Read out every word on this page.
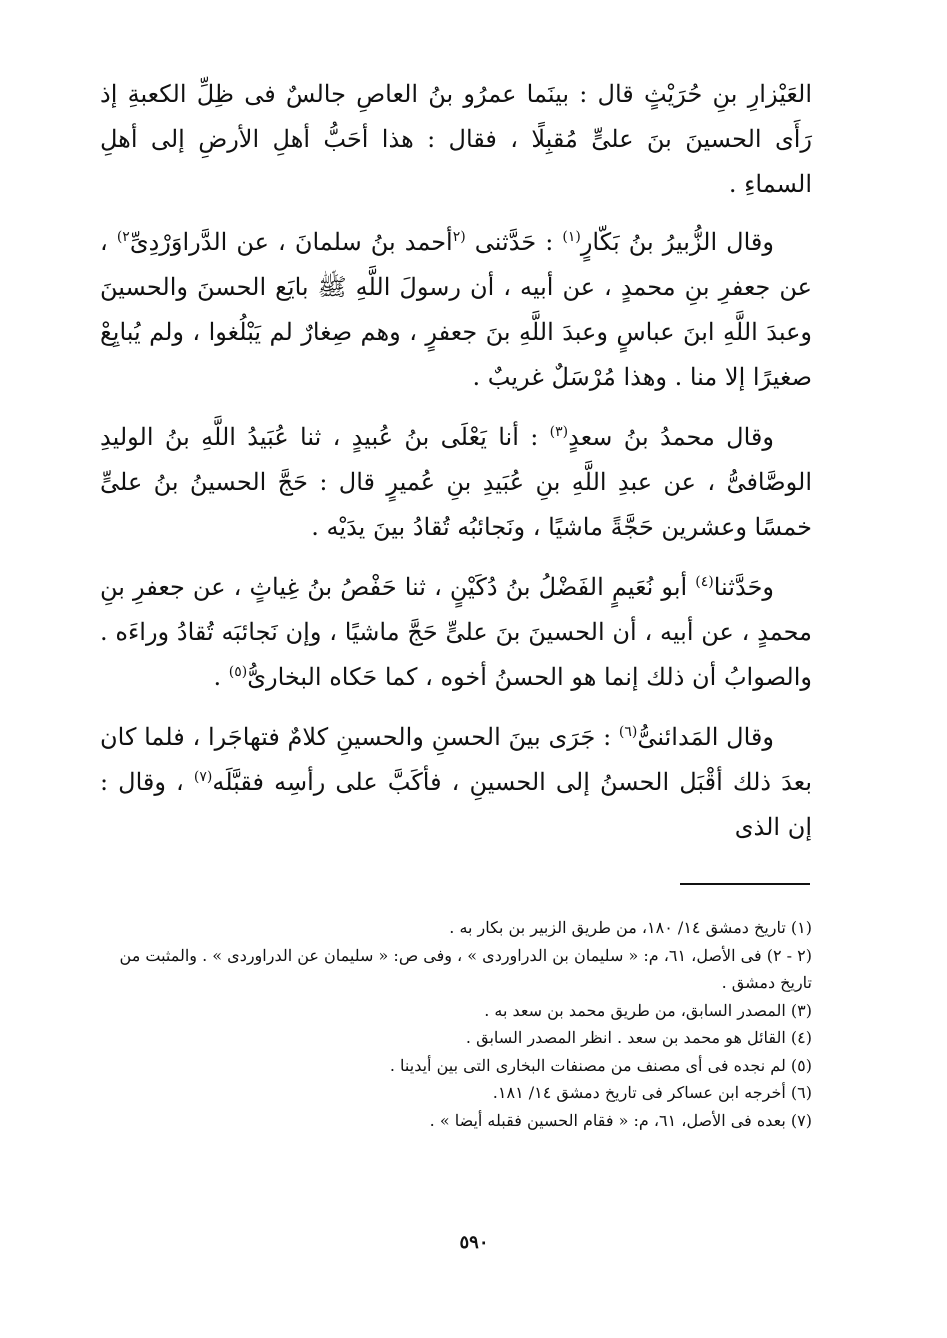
العَيْزارِ بنِ حُرَيْثٍ قال : بينَما عمرُو بنُ العاصِ جالسٌ فى ظِلِّ الكعبةِ إذ رَأَى الحسينَ بنَ علىٍّ مُقبِلًا ، فقال : هذا أحَبُّ أهلِ الأرضِ إلى أهلِ السماءِ .

وقال الزُّبيرُ بنُ بَكّارٍ$^{(١)}$ : حَدَّثنى $^{(٢}$أحمد بنُ سلمانَ ، عن الدَّراوَرْدِىِّ$^{٢)}$ ، عن جعفرِ بنِ محمدٍ ، عن أبيه ، أن رسولَ اللَّهِ ﷺ بايَع الحسنَ والحسينَ وعبدَ اللَّهِ ابنَ عباسٍ وعبدَ اللَّهِ بنَ جعفرٍ ، وهم صِغارٌ لم يَبْلُغوا ، ولم يُبايِعْ صغيرًا إلا منا . وهذا مُرْسَلٌ غريبٌ .

وقال محمدُ بنُ سعدٍ$^{(٣)}$ : أنا يَعْلَى بنُ عُبيدٍ ، ثنا عُبَيدُ اللَّهِ بنُ الوليدِ الوصَّافىُّ ، عن عبدِ اللَّهِ بنِ عُبَيدِ بنِ عُميرٍ قال : حَجَّ الحسينُ بنُ علىٍّ خمسًا وعشرين حَجَّةً ماشيًا ، ونَجائبُه تُقادُ بينَ يدَيْه .

وحَدَّثنا$^{(٤)}$ أبو نُعَيمٍ الفَضْلُ بنُ دُكَيْنٍ ، ثنا حَفْصُ بنُ غِياثٍ ، عن جعفرِ بنِ محمدٍ ، عن أبيه ، أن الحسينَ بنَ علىٍّ حَجَّ ماشيًا ، وإن نَجائبَه تُقادُ وراءَه . والصوابُ أن ذلك إنما هو الحسنُ أخوه ، كما حَكاه البخارىُّ$^{(٥)}$ .

وقال المَدائنىُّ$^{(٦)}$ : جَرَى بينَ الحسنِ والحسينِ كلامٌ فتهاجَرا ، فلما كان بعدَ ذلك أقْبَل الحسنُ إلى الحسينِ ، فأكَبَّ على رأسِه فقبَّلَه$^{(٧)}$ ، وقال : إن الذى

(١) تاريخ دمشق ١٤/ ١٨٠، من طريق الزبير بن بكار به .

(٢ - ٢) فى الأصل، ٦١، م: « سليمان بن الدراوردى » ، وفى ص: « سليمان عن الدراوردى » . والمثبت من تاريخ دمشق .

(٣) المصدر السابق، من طريق محمد بن سعد به .

(٤) القائل هو محمد بن سعد . انظر المصدر السابق .

(٥) لم نجده فى أى مصنف من مصنفات البخارى التى بين أيدينا .

(٦) أخرجه ابن عساكر فى تاريخ دمشق ١٤/ ١٨١.

(٧) بعده فى الأصل، ٦١، م: « فقام الحسين فقبله أيضا » .

٥٩٠
